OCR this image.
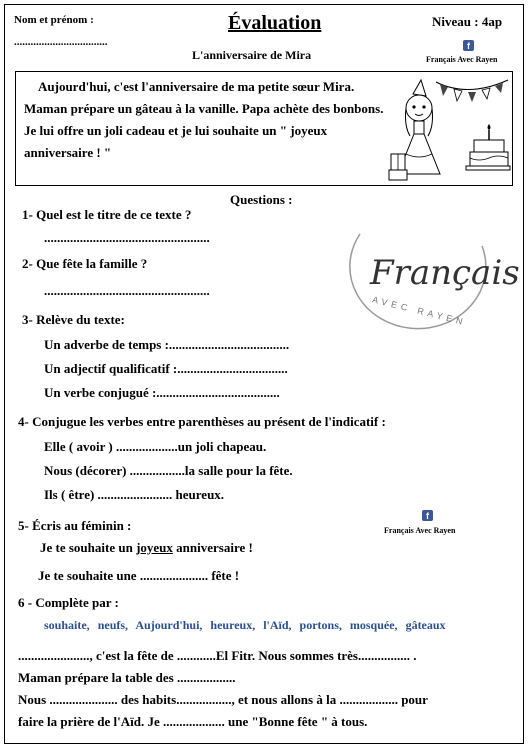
Nom et prénom :
..................................
Évaluation
L'anniversaire de Mira
Niveau : 4ap
f
Français Avec Rayen
Aujourd'hui, c'est l'anniversaire de ma petite sœur Mira. Maman prépare un gâteau à la vanille. Papa achète des bonbons. Je lui offre un joli cadeau et je lui souhaite un " joyeux anniversaire ! "
Français
AVEC RAYEN
Questions :
1- Quel est le titre de ce texte ?
...................................................
2- Que fête la famille ?
...................................................
3- Relève du texte:
Un adverbe de temps :.....................................
Un adjectif qualificatif :..................................
Un verbe conjugué :......................................
4- Conjugue les verbes entre parenthèses au présent de l'indicatif :
Elle ( avoir ) ...................un joli chapeau.
Nous (décorer) .................la salle pour la fête.
Ils ( être) ....................... heureux.
5- Écris au féminin :
Je te souhaite un joyeux anniversaire !
Je te souhaite une ..................... fête !
f
Français Avec Rayen
6 - Complète par :
souhaite, neufs, Aujourd'hui, heureux, l'Aïd, portons, mosquée, gâteaux
......................, c'est la fête de ............El Fitr. Nous sommes très................ .
Maman prépare la table des ..................
Nous ..................... des habits................., et nous allons à la .................. pour
faire la prière de l'Aïd. Je ................... une "Bonne fête " à tous.
